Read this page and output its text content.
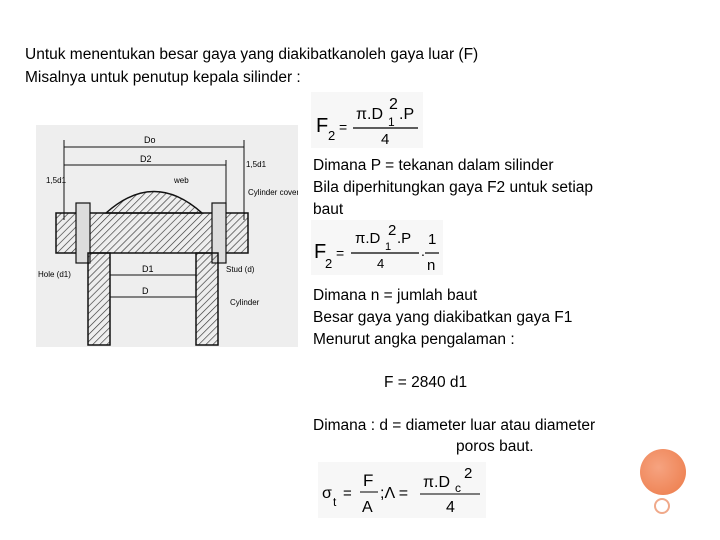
Untuk menentukan besar gaya yang diakibatkanoleh gaya luar (F)
Misalnya untuk penutup kepala silinder :
F 2
=
π.D 1
2
.P
4
Dimana P = tekanan dalam silinder
Bila diperhitungkan gaya F2 untuk setiap
baut
F
2
=
π.D 1
2 .P
4
.
1
n
Dimana n = jumlah baut
Besar gaya yang diakibatkan gaya F1
Menurut angka pengalaman :
F = 2840 d1
Dimana : d = diameter luar atau diameter
poros baut.
σ t =
F
A
;Λ =
π.D c
2
4
Do
D2
1,5d1	web
1,5d1
Cylinder cover
D1
D
Hole (d1)
Stud (d)
Cylinder
